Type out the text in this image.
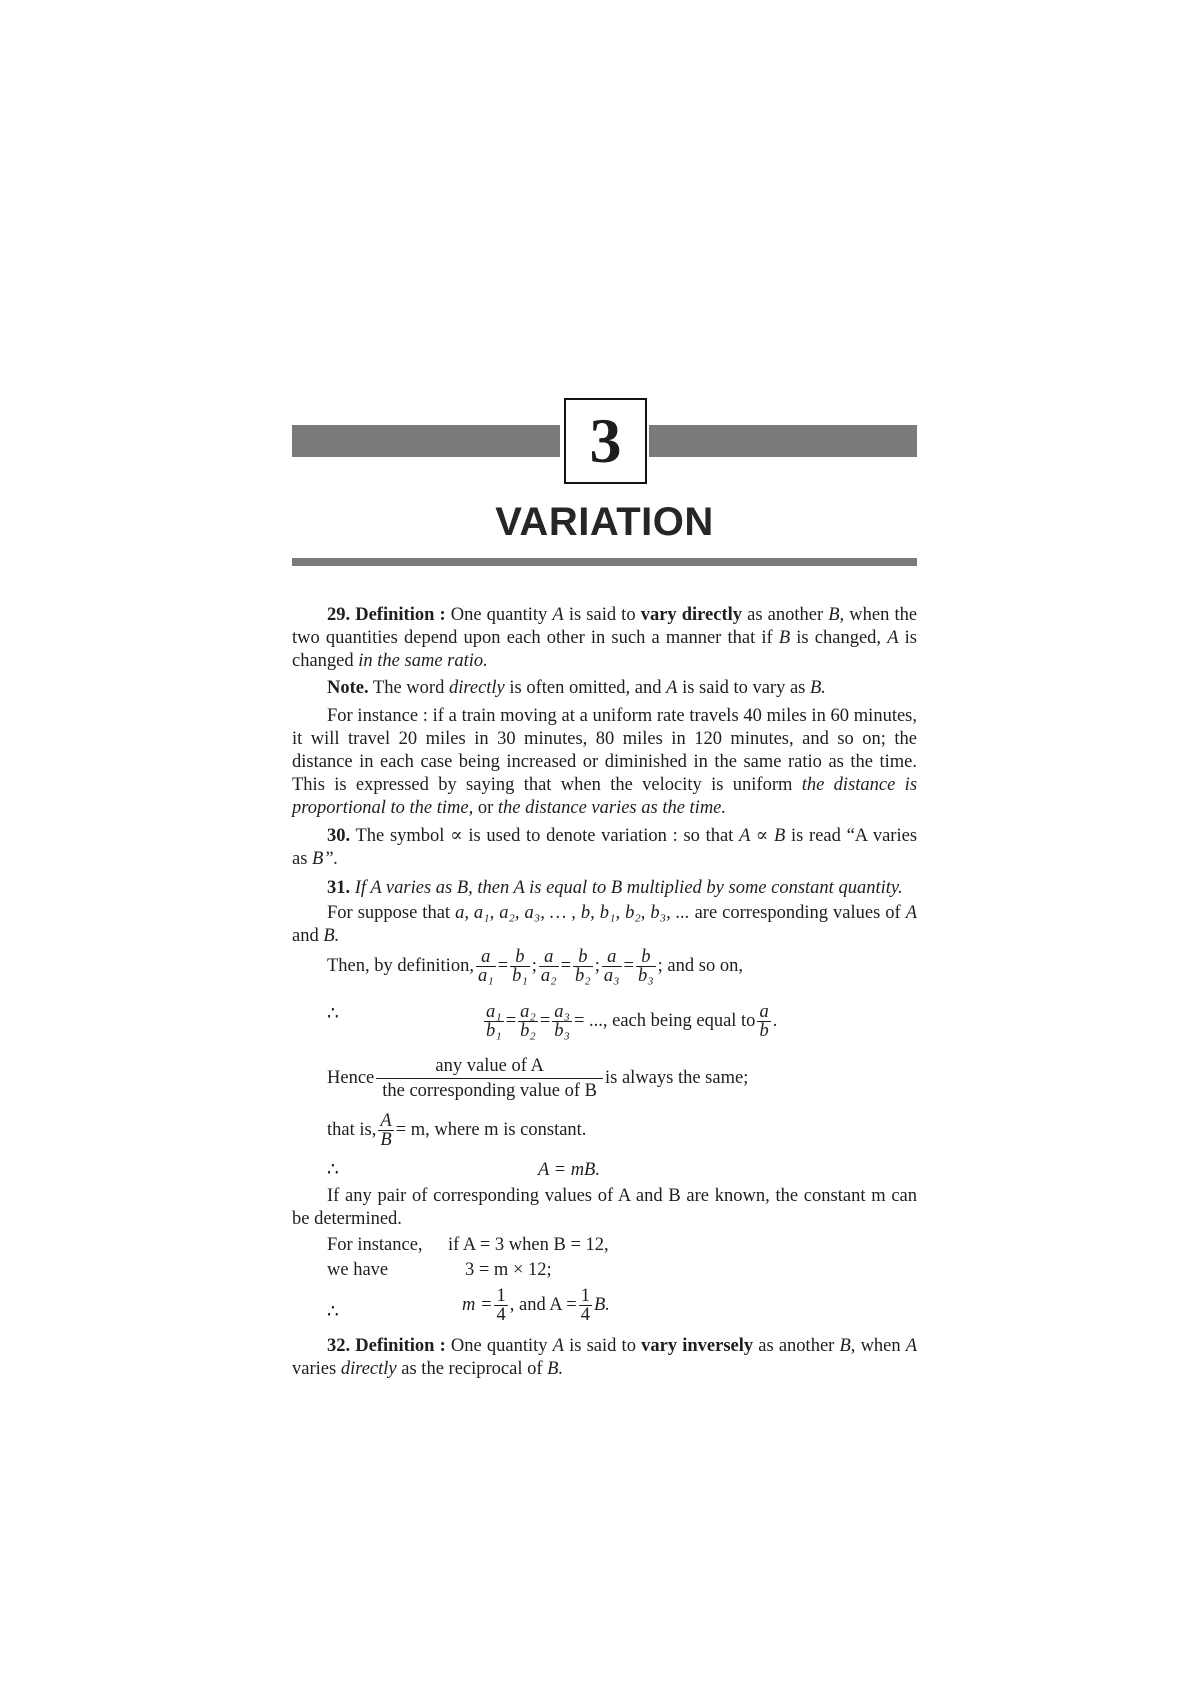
3
VARIATION

29. Definition : One quantity A is said to vary directly as another B, when the two quantities depend upon each other in such a manner that if B is changed, A is changed in the same ratio.

Note. The word directly is often omitted, and A is said to vary as B.

For instance : if a train moving at a uniform rate travels 40 miles in 60 minutes, it will travel 20 miles in 30 minutes, 80 miles in 120 minutes, and so on; the distance in each case being increased or diminished in the same ratio as the time. This is expressed by saying that when the velocity is uniform the distance is proportional to the time, or the distance varies as the time.

30. The symbol ∝ is used to denote variation : so that A ∝ B is read “A varies as B”.

31. If A varies as B, then A is equal to B multiplied by some constant quantity.

For suppose that a, a₁, a₂, a₃, … , b, b₁, b₂, b₃, ... are corresponding values of A and B.

Then, by definition, $\frac{a}{\text{a₁}} = \frac{b}{\text{b₁}}$ ; $\frac{a}{\text{a₂}} = \frac{b}{\text{b₂}}$ ; $\frac{a}{\text{a₃}} = \frac{b}{\text{b₃}}$ ; and so on,
∴	$\frac{\text{a₁}}{\text{b₁}} = \frac{\text{a₂}}{\text{b₂}} = \frac{\text{a₃}}{\text{b₃}}$ = ..., each being equal to $\frac{a}{b}$ .
Hence $\frac{\text{any value of A}}{\text{the corresponding value of B}}$ is always the same;
that is, $\frac{A}{B} = m$, where m is constant.
∴	A = mB.

If any pair of corresponding values of A and B are known, the constant m can be determined.

For instance, if A = 3 when B = 12,
we have	3 = m × 12;
∴	$m = \frac{1}{4}$ , and $A = \frac{1}{4} B$.

32. Definition : One quantity A is said to vary inversely as another B, when A varies directly as the reciprocal of B.
